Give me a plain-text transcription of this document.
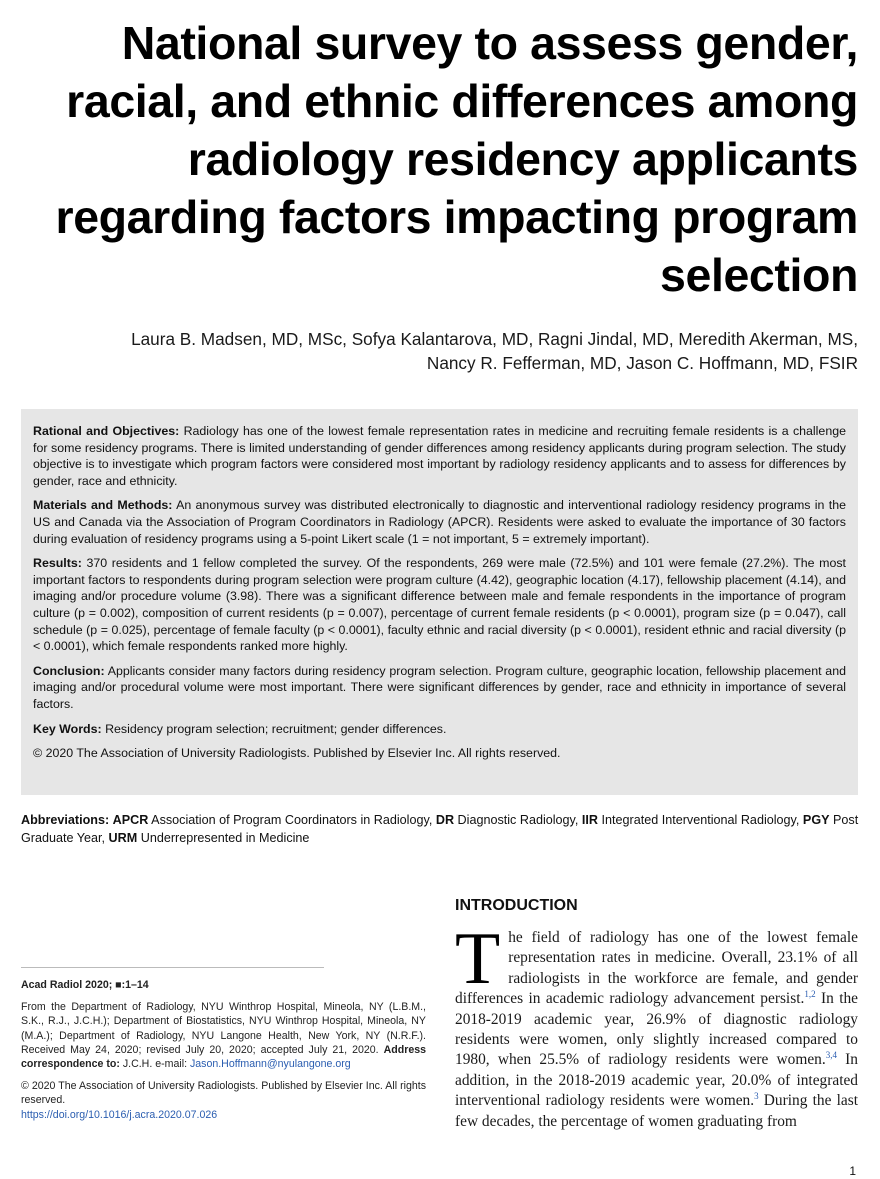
National survey to assess gender, racial, and ethnic differences among radiology residency applicants regarding factors impacting program selection
Laura B. Madsen, MD, MSc, Sofya Kalantarova, MD, Ragni Jindal, MD, Meredith Akerman, MS,
Nancy R. Fefferman, MD, Jason C. Hoffmann, MD, FSIR

Rational and Objectives: Radiology has one of the lowest female representation rates in medicine and recruiting female residents is a challenge for some residency programs. There is limited understanding of gender differences among residency applicants during program selection. The study objective is to investigate which program factors were considered most important by radiology residency applicants and to assess for differences by gender, race and ethnicity.

Materials and Methods: An anonymous survey was distributed electronically to diagnostic and interventional radiology residency programs in the US and Canada via the Association of Program Coordinators in Radiology (APCR). Residents were asked to evaluate the importance of 30 factors during evaluation of residency programs using a 5-point Likert scale (1 = not important, 5 = extremely important).

Results: 370 residents and 1 fellow completed the survey. Of the respondents, 269 were male (72.5%) and 101 were female (27.2%). The most important factors to respondents during program selection were program culture (4.42), geographic location (4.17), fellowship placement (4.14), and imaging and/or procedure volume (3.98). There was a significant difference between male and female respondents in the importance of program culture (p = 0.002), composition of current residents (p = 0.007), percentage of current female residents (p < 0.0001), program size (p = 0.047), call schedule (p = 0.025), percentage of female faculty (p < 0.0001), faculty ethnic and racial diversity (p < 0.0001), resident ethnic and racial diversity (p < 0.0001), which female respondents ranked more highly.

Conclusion: Applicants consider many factors during residency program selection. Program culture, geographic location, fellowship placement and imaging and/or procedural volume were most important. There were significant differences by gender, race and ethnicity in importance of several factors.

Key Words: Residency program selection; recruitment; gender differences.

© 2020 The Association of University Radiologists. Published by Elsevier Inc. All rights reserved.

Abbreviations: APCR Association of Program Coordinators in Radiology, DR Diagnostic Radiology, IIR Integrated Interventional Radiology, PGY Post Graduate Year, URM Underrepresented in Medicine

Acad Radiol 2020; ■:1–14

From the Department of Radiology, NYU Winthrop Hospital, Mineola, NY (L.B.M., S.K., R.J., J.C.H.); Department of Biostatistics, NYU Winthrop Hospital, Mineola, NY (M.A.); Department of Radiology, NYU Langone Health, New York, NY (N.R.F.). Received May 24, 2020; revised July 20, 2020; accepted July 21, 2020. Address correspondence to: J.C.H. e-mail: Jason.Hoffmann@nyulangone.org

© 2020 The Association of University Radiologists. Published by Elsevier Inc. All rights reserved.

https://doi.org/10.1016/j.acra.2020.07.026

INTRODUCTION
The field of radiology has one of the lowest female representation rates in medicine. Overall, 23.1% of all radiologists in the workforce are female, and gender differences in academic radiology advancement persist.$^{1,2}$ In the 2018-2019 academic year, 26.9% of diagnostic radiology residents were women, only slightly increased compared to 1980, when 25.5% of radiology residents were women.$^{3,4}$ In addition, in the 2018-2019 academic year, 20.0% of integrated interventional radiology residents were women.$^3$ During the last few decades, the percentage of women graduating from
1
